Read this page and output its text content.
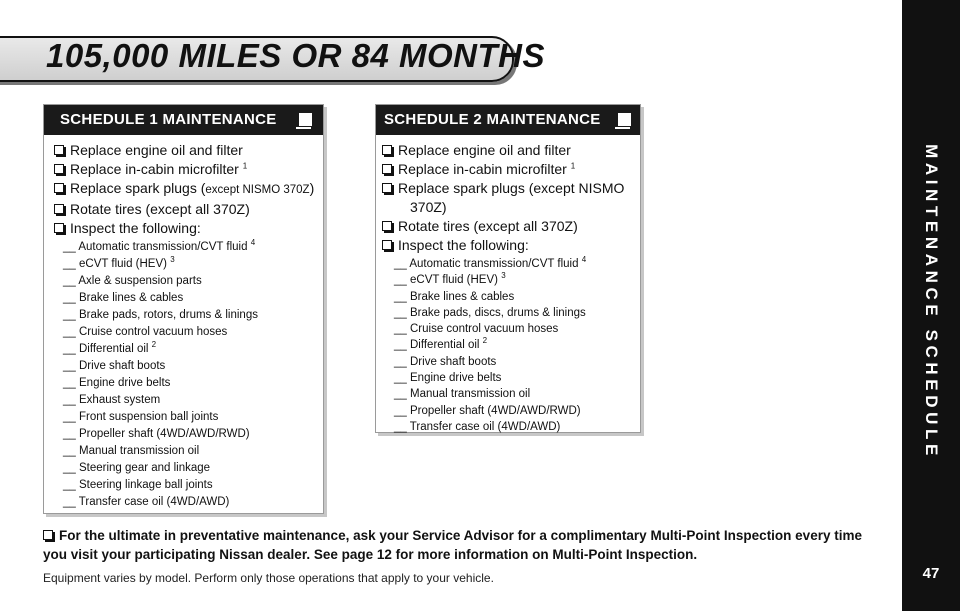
105,000 MILES OR 84 MONTHS
MAINTENANCE SCHEDULE
47
SCHEDULE 1 MAINTENANCE
Replace engine oil and filter
Replace in-cabin microfilter $^1$
Replace spark plugs (except NISMO 370Z)
Rotate tires (except all 370Z)
Inspect the following:
__ Automatic transmission/CVT fluid $^4$
__ eCVT fluid (HEV) $^3$
__ Axle & suspension parts
__ Brake lines & cables
__ Brake pads, rotors, drums & linings
__ Cruise control vacuum hoses
__ Differential oil $^2$
__ Drive shaft boots
__ Engine drive belts
__ Exhaust system
__ Front suspension ball joints
__ Propeller shaft (4WD/AWD/RWD)
__ Manual transmission oil
__ Steering gear and linkage
__ Steering linkage ball joints
__ Transfer case oil (4WD/AWD)
SCHEDULE 2 MAINTENANCE
Replace engine oil and filter
Replace in-cabin microfilter $^1$
Replace spark plugs (except NISMO
370Z)
Rotate tires (except all 370Z)
Inspect the following:
__ Automatic transmission/CVT fluid $^4$
__ eCVT fluid (HEV) $^3$
__ Brake lines & cables
__ Brake pads, discs, drums & linings
__ Cruise control vacuum hoses
__ Differential oil $^2$
__ Drive shaft boots
__ Engine drive belts
__ Manual transmission oil
__ Propeller shaft (4WD/AWD/RWD)
__ Transfer case oil (4WD/AWD)
For the ultimate in preventative maintenance, ask your Service Advisor for a complimentary Multi-Point Inspection every time you visit your participating Nissan dealer. See page 12 for more information on Multi-Point Inspection.
Equipment varies by model. Perform only those operations that apply to your vehicle.
